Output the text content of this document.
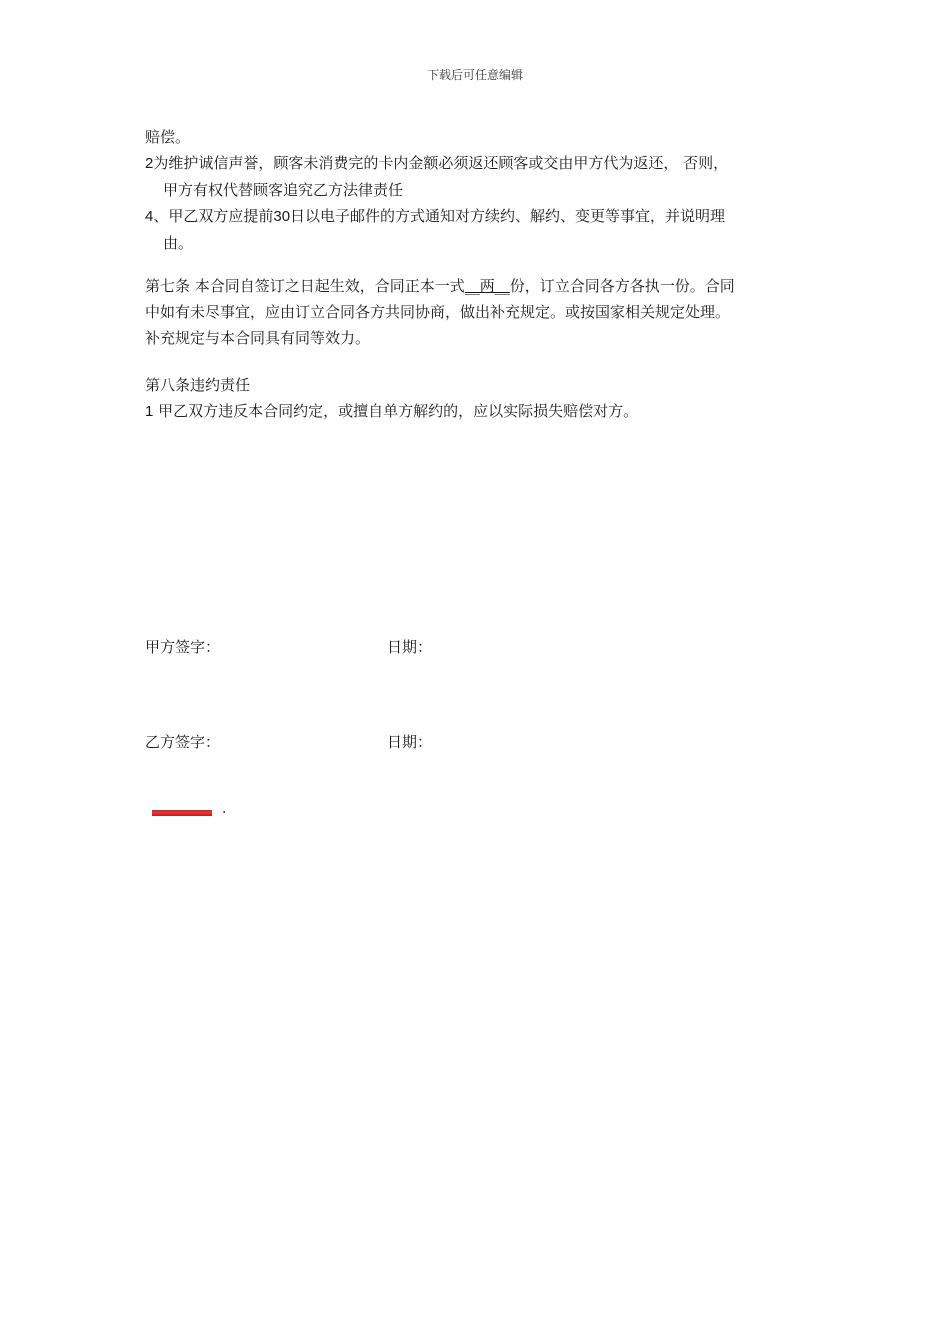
下载后可任意编辑

赔偿。

2为维护诚信声誉，顾客未消费完的卡内金额必须返还顾客或交由甲方代为返还， 否则，

甲方有权代替顾客追究乙方法律责任

4、甲乙双方应提前30日以电子邮件的方式通知对方续约、解约、变更等事宜，并说明理

由。

第七条 本合同自签订之日起生效，合同正本一式__两__份，订立合同各方各执一份。合同

中如有未尽事宜，应由订立合同各方共同协商，做出补充规定。或按国家相关规定处理。

补充规定与本合同具有同等效力。

第八条违约责任

1 甲乙双方违反本合同约定，或擅自单方解约的，应以实际损失赔偿对方。

甲方签字：	日期：
乙方签字：	日期：
.
